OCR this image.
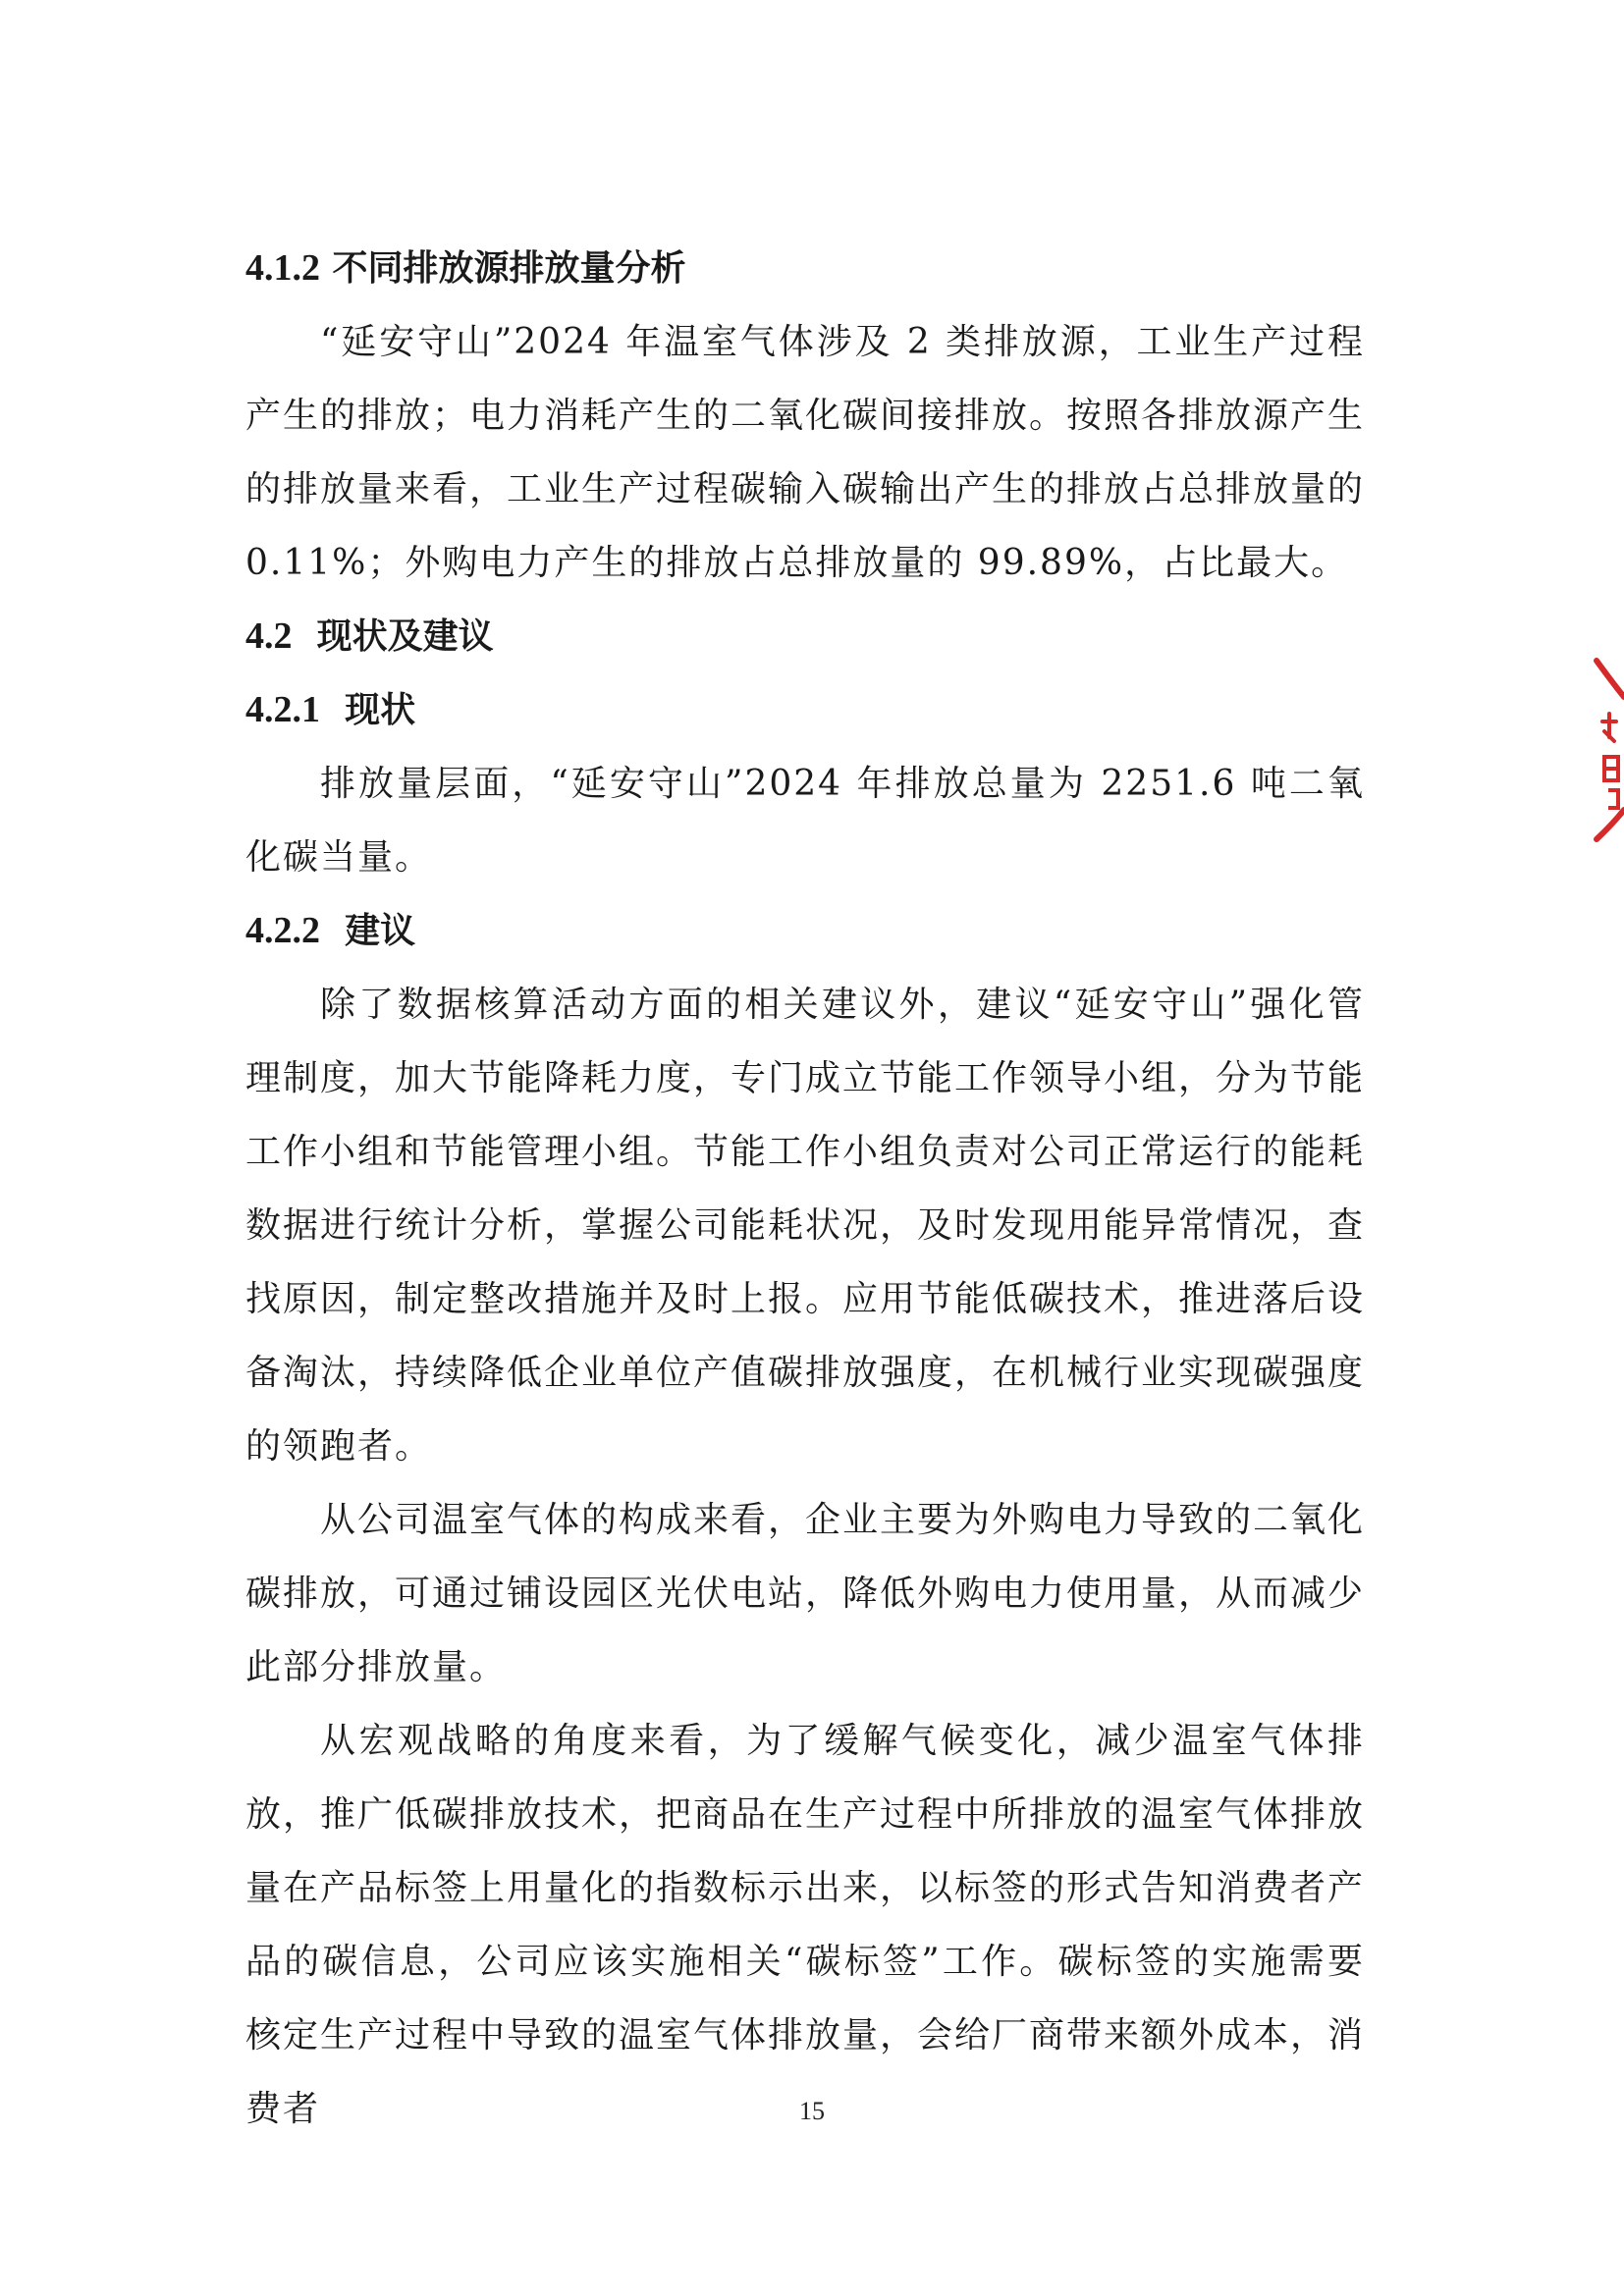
4.1.2 不同排放源排放量分析

“延安守山”2024 年温室气体涉及 2 类排放源，工业生产过程产生的排放；电力消耗产生的二氧化碳间接排放。按照各排放源产生的排放量来看，工业生产过程碳输入碳输出产生的排放占总排放量的 0.11%；外购电力产生的排放占总排放量的 99.89%，占比最大。

4.2 现状及建议
4.2.1 现状

排放量层面，“延安守山”2024 年排放总量为 2251.6 吨二氧化碳当量。

4.2.2 建议

除了数据核算活动方面的相关建议外，建议“延安守山”强化管理制度，加大节能降耗力度，专门成立节能工作领导小组，分为节能工作小组和节能管理小组。节能工作小组负责对公司正常运行的能耗数据进行统计分析，掌握公司能耗状况，及时发现用能异常情况，查找原因，制定整改措施并及时上报。应用节能低碳技术，推进落后设备淘汰，持续降低企业单位产值碳排放强度，在机械行业实现碳强度的领跑者。

从公司温室气体的构成来看，企业主要为外购电力导致的二氧化碳排放，可通过铺设园区光伏电站，降低外购电力使用量，从而减少此部分排放量。

从宏观战略的角度来看，为了缓解气候变化，减少温室气体排放，推广低碳排放技术，把商品在生产过程中所排放的温室气体排放量在产品标签上用量化的指数标示出来，以标签的形式告知消费者产品的碳信息，公司应该实施相关“碳标签”工作。碳标签的实施需要核定生产过程中导致的温室气体排放量，会给厂商带来额外成本，消费者	15
